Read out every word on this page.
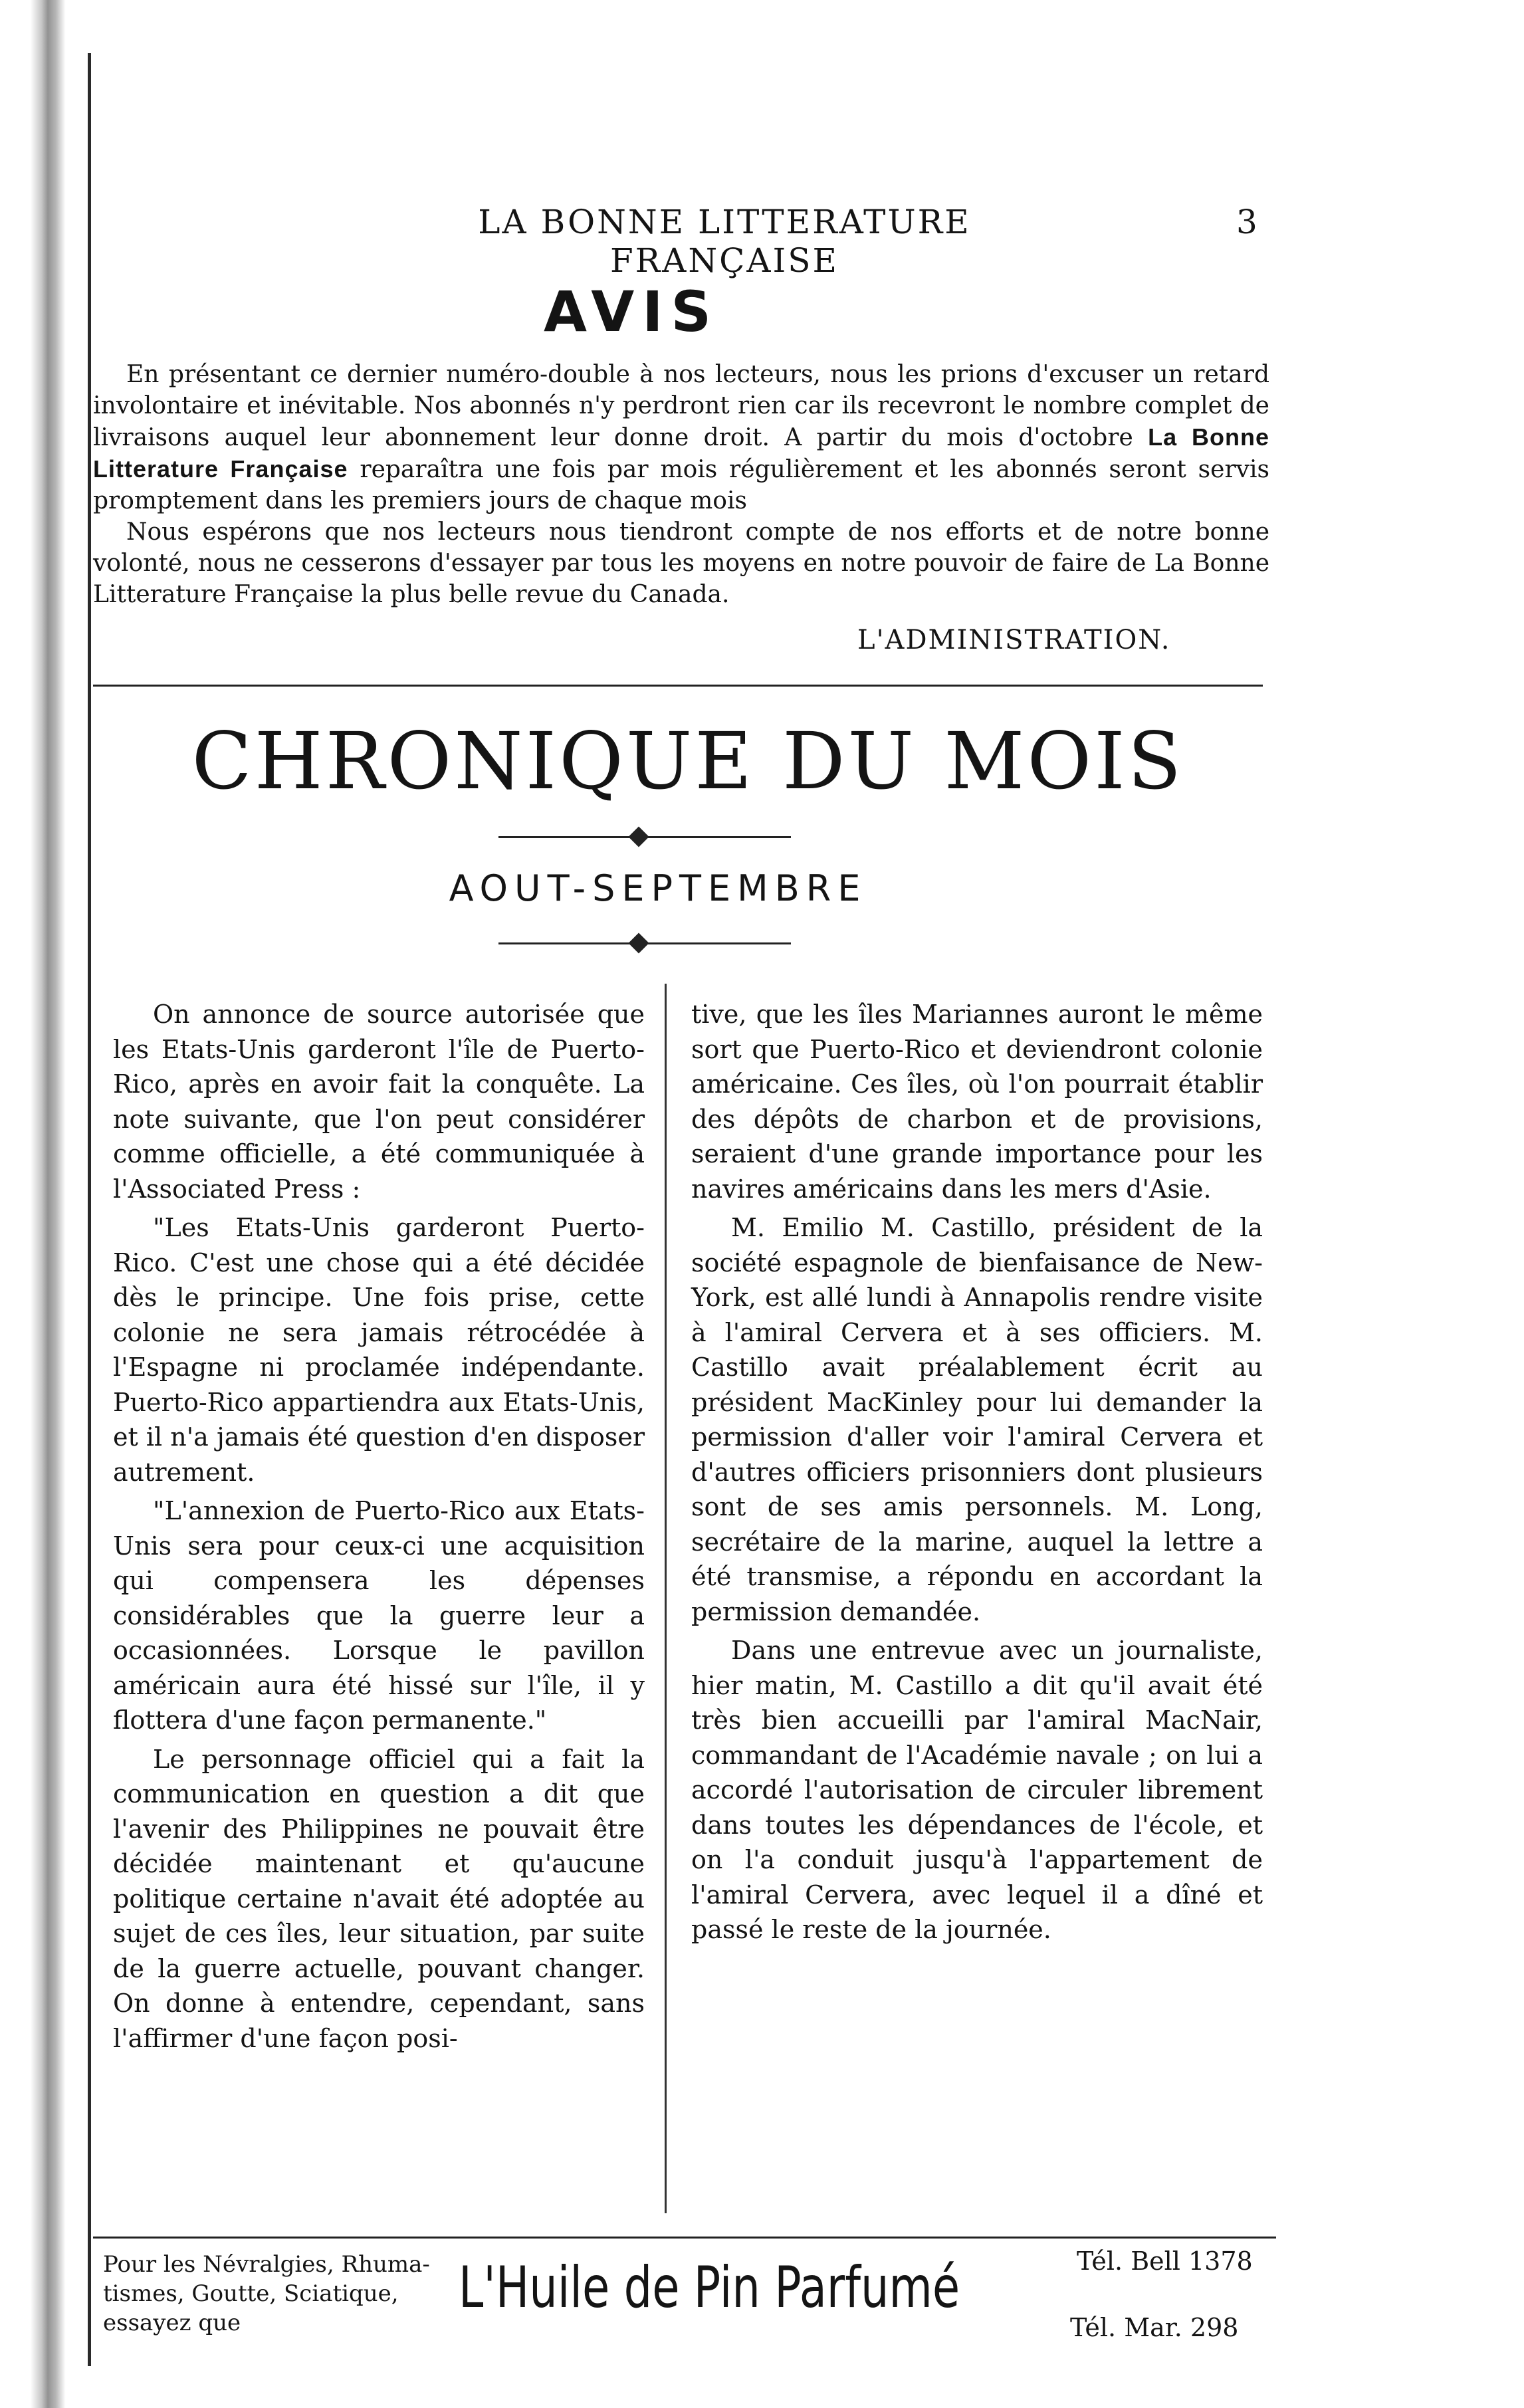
LA BONNE LITTERATURE FRANÇAISE
3
AVIS

En présentant ce dernier numéro-double à nos lecteurs, nous les prions d'excuser un retard involontaire et inévitable. Nos abonnés n'y perdront rien car ils recevront le nombre complet de livraisons auquel leur abonnement leur donne droit. A partir du mois d'octobre La Bonne Litterature Française reparaîtra une fois par mois régulièrement et les abonnés seront servis promptement dans les premiers jours de chaque mois

Nous espérons que nos lecteurs nous tiendront compte de nos efforts et de notre bonne volonté, nous ne cesserons d'essayer par tous les moyens en notre pouvoir de faire de La Bonne Litterature Française la plus belle revue du Canada.

L'ADMINISTRATION.
CHRONIQUE DU MOIS
AOUT-SEPTEMBRE

On annonce de source autorisée que les Etats-Unis garderont l'île de Puerto-Rico, après en avoir fait la conquête. La note suivante, que l'on peut considérer comme officielle, a été communiquée à l'Associated Press :

"Les Etats-Unis garderont Puerto-Rico. C'est une chose qui a été décidée dès le principe. Une fois prise, cette colonie ne sera jamais rétrocédée à l'Espagne ni proclamée indépendante. Puerto-Rico appartiendra aux Etats-Unis, et il n'a jamais été question d'en disposer autrement.

"L'annexion de Puerto-Rico aux Etats-Unis sera pour ceux-ci une acquisition qui compensera les dépenses considérables que la guerre leur a occasionnées. Lorsque le pavillon américain aura été hissé sur l'île, il y flottera d'une façon permanente."

Le personnage officiel qui a fait la communication en question a dit que l'avenir des Philippines ne pouvait être décidée maintenant et qu'aucune politique certaine n'avait été adoptée au sujet de ces îles, leur situation, par suite de la guerre actuelle, pouvant changer. On donne à entendre, cependant, sans l'affirmer d'une façon posi-

tive, que les îles Mariannes auront le même sort que Puerto-Rico et deviendront colonie américaine. Ces îles, où l'on pourrait établir des dépôts de charbon et de provisions, seraient d'une grande importance pour les navires américains dans les mers d'Asie.

M. Emilio M. Castillo, président de la société espagnole de bienfaisance de New-York, est allé lundi à Annapolis rendre visite à l'amiral Cervera et à ses officiers. M. Castillo avait préalablement écrit au président MacKinley pour lui demander la permission d'aller voir l'amiral Cervera et d'autres officiers prisonniers dont plusieurs sont de ses amis personnels. M. Long, secrétaire de la marine, auquel la lettre a été transmise, a répondu en accordant la permission demandée.

Dans une entrevue avec un journaliste, hier matin, M. Castillo a dit qu'il avait été très bien accueilli par l'amiral MacNair, commandant de l'Académie navale ; on lui a accordé l'autorisation de circuler librement dans toutes les dépendances de l'école, et on l'a conduit jusqu'à l'appartement de l'amiral Cervera, avec lequel il a dîné et passé le reste de la journée.

Pour les Névralgies, Rhuma-
tismes, Goutte, Sciatique,
essayez que
L'Huile de Pin Parfumé	Tél. Bell 1378
Tél. Mar. 298
